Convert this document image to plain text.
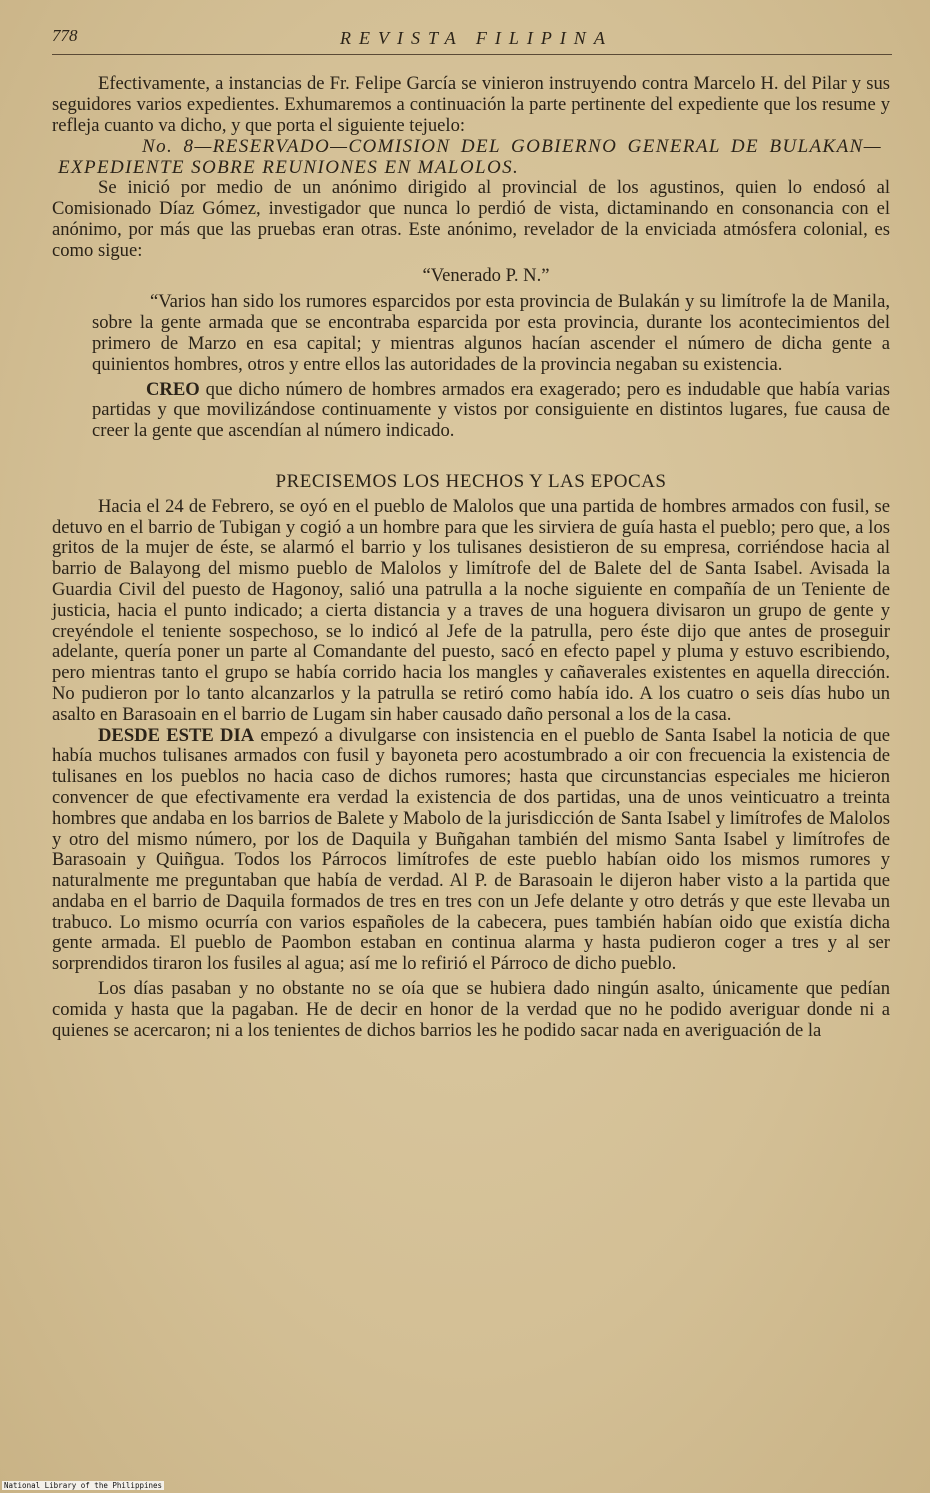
778	REVISTA FILIPINA

Efectivamente, a instancias de Fr. Felipe García se vinieron instruyendo contra Marcelo H. del Pilar y sus seguidores varios expedientes. Exhumaremos a continuación la parte pertinente del expediente que los resume y refleja cuanto va dicho, y que porta el siguiente tejuelo:

No. 8—RESERVADO—COMISION DEL GOBIERNO GENERAL DE BULAKAN—EXPEDIENTE SOBRE REUNIONES EN MALOLOS.

Se inició por medio de un anónimo dirigido al provincial de los agustinos, quien lo endosó al Comisionado Díaz Gómez, investigador que nunca lo perdió de vista, dictaminando en consonancia con el anónimo, por más que las pruebas eran otras. Este anónimo, revelador de la enviciada atmósfera colonial, es como sigue:

“Venerado P. N.”

“Varios han sido los rumores esparcidos por esta provincia de Bulakán y su limítrofe la de Manila, sobre la gente armada que se encontraba esparcida por esta provincia, durante los acontecimientos del primero de Marzo en esa capital; y mientras algunos hacían ascender el número de dicha gente a quinientos hombres, otros y entre ellos las autoridades de la provincia negaban su existencia.

CREO que dicho número de hombres armados era exagerado; pero es indudable que había varias partidas y que movilizándose continuamente y vistos por consiguiente en distintos lugares, fue causa de creer la gente que ascendían al número indicado.

PRECISEMOS LOS HECHOS Y LAS EPOCAS

Hacia el 24 de Febrero, se oyó en el pueblo de Malolos que una partida de hombres armados con fusil, se detuvo en el barrio de Tubigan y cogió a un hombre para que les sirviera de guía hasta el pueblo; pero que, a los gritos de la mujer de éste, se alarmó el barrio y los tulisanes desistieron de su empresa, corriéndose hacia al barrio de Balayong del mismo pueblo de Malolos y limítrofe del de Balete del de Santa Isabel. Avisada la Guardia Civil del puesto de Hagonoy, salió una patrulla a la noche siguiente en compañía de un Teniente de justicia, hacia el punto indicado; a cierta distancia y a traves de una hoguera divisaron un grupo de gente y creyéndole el teniente sospechoso, se lo indicó al Jefe de la patrulla, pero éste dijo que antes de proseguir adelante, quería poner un parte al Comandante del puesto, sacó en efecto papel y pluma y estuvo escribiendo, pero mientras tanto el grupo se había corrido hacia los mangles y cañaverales existentes en aquella dirección. No pudieron por lo tanto alcanzarlos y la patrulla se retiró como había ido. A los cuatro o seis días hubo un asalto en Barasoain en el barrio de Lugam sin haber causado daño personal a los de la casa.

DESDE ESTE DIA empezó a divulgarse con insistencia en el pueblo de Santa Isabel la noticia de que había muchos tulisanes armados con fusil y bayoneta pero acostumbrado a oir con frecuencia la existencia de tulisanes en los pueblos no hacia caso de dichos rumores; hasta que circunstancias especiales me hicieron convencer de que efectivamente era verdad la existencia de dos partidas, una de unos veinticuatro a treinta hombres que andaba en los barrios de Balete y Mabolo de la jurisdicción de Santa Isabel y limítrofes de Malolos y otro del mismo número, por los de Daquila y Buñgahan también del mismo Santa Isabel y limítrofes de Barasoain y Quiñgua. Todos los Párrocos limítrofes de este pueblo habían oido los mismos rumores y naturalmente me preguntaban que había de verdad. Al P. de Barasoain le dijeron haber visto a la partida que andaba en el barrio de Daquila formados de tres en tres con un Jefe delante y otro detrás y que este llevaba un trabuco. Lo mismo ocurría con varios españoles de la cabecera, pues también habían oido que existía dicha gente armada. El pueblo de Paombon estaban en continua alarma y hasta pudieron coger a tres y al ser sorprendidos tiraron los fusiles al agua; así me lo refirió el Párroco de dicho pueblo.

Los días pasaban y no obstante no se oía que se hubiera dado ningún asalto, únicamente que pedían comida y hasta que la pagaban. He de decir en honor de la verdad que no he podido averiguar donde ni a quienes se acercaron; ni a los tenientes de dichos barrios les he podido sacar nada en averiguación de la

National Library of the Philippines
